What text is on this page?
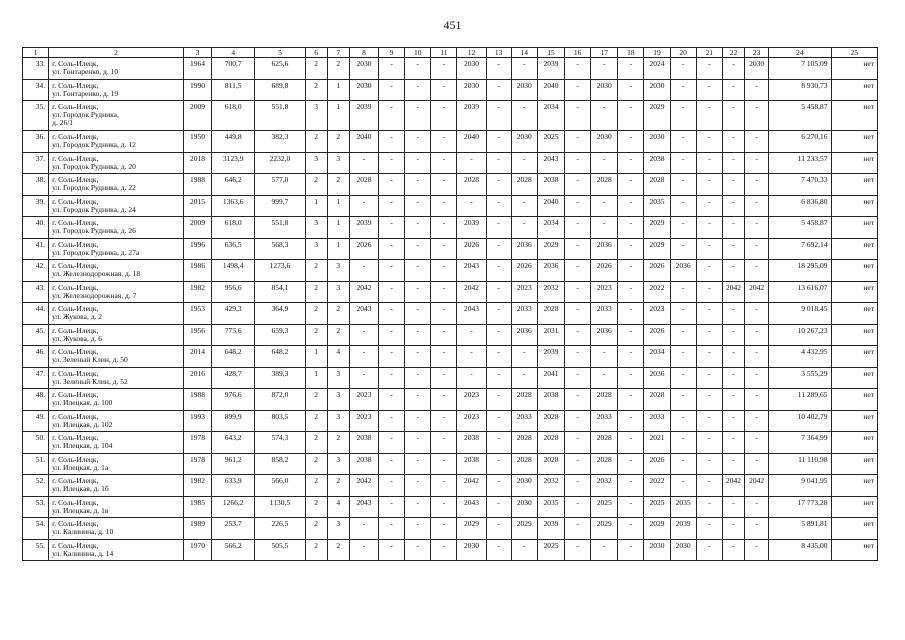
451
1	2	3	4	5	6	7	8	9	10	11	12	13	14	15	16	17	18	19	20	21	22	23	24	25
33.	г. Соль-Илецк,
ул. Гонтаренко, д. 10	1964	700,7	625,6	2	2	2030	-	-	-	2030	-	-	2039	-	-	-	2024	-	-	-	2030	7 105,09	нет
34.	г. Соль-Илецк,
ул. Гонтаренко, д. 19	1990	811,5	689,8	2	1	2030	-	-	-	2030	-	2030	2040	-	2030	-	2030	-	-	-	-	8 930,73	нет
35.	г. Соль-Илецк,
ул. Городок Рудника,
д. 26/1	2009	618,0	551,8	3	1	2039	-	-	-	2039	-	-	2034	-	-	-	2029	-	-	-	-	5 458,87	нет
36.	г. Соль-Илецк,
ул. Городок Рудника, д. 12	1950	449,8	382,3	2	2	2040	-	-	-	2040	-	2030	2025	-	2030	-	2030	-	-	-	-	6 270,16	нет
37.	г. Соль-Илецк,
ул. Городок Рудника, д. 20	2018	3123,9	2232,0	3	3	-	-	-	-	-	-	-	2043	-	-	-	2038	-	-	-	-	11 233,57	нет
38.	г. Соль-Илецк,
ул. Городок Рудника, д. 22	1988	646,2	577,0	2	2	2028	-	-	-	2028	-	2028	2038	-	2028	-	2028	-	-	-	-	7 470,33	нет
39.	г. Соль-Илецк,
ул. Городок Рудника, д. 24	2015	1363,6	999,7	1	1	-	-	-	-	-	-	-	2040	-	-	-	2035	-	-	-	-	6 836,80	нет
40.	г. Соль-Илецк,
ул. Городок Рудника, д. 26	2009	618,0	551,8	3	1	2039	-	-	-	2039	-	-	2034	-	-	-	2029	-	-	-	-	5 458,87	нет
41.	г. Соль-Илецк,
ул. Городок Рудника, д. 27а	1996	636,5	568,3	3	1	2026	-	-	-	2026	-	2036	2029	-	2036	-	2029	-	-	-	-	7 692,14	нет
42.	г. Соль-Илецк,
ул. Железнодорожная, д. 18	1986	1498,4	1273,6	2	3	-	-	-	-	2043	-	2026	2036	-	2026	-	2026	2036	-	-	-	18 295,09	нет
43.	г. Соль-Илецк,
ул. Железнодорожная, д. 7	1982	956,6	854,1	2	3	2042	-	-	-	2042	-	2023	2032	-	2023	-	2022	-	-	2042	2042	13 616,07	нет
44.	г. Соль-Илецк,
ул. Жукова, д. 2	1953	429,3	364,9	2	2	2043	-	-	-	2043	-	2033	2028	-	2033	-	2023	-	-	-	-	9 018,45	нет
45.	г. Соль-Илецк,
ул. Жукова, д. 6	1956	775,6	659,3	2	2	-	-	-	-	-	-	2036	2031	-	2036	-	2026	-	-	-	-	10 267,23	нет
46.	г. Соль-Илецк,
ул. Зеленый Клин, д. 50	2014	648,2	648,2	1	4	-	-	-	-	-	-	-	2039	-	-	-	2034	-	-	-	-	4 432,95	нет
47.	г. Соль-Илецк,
ул. Зеленый Клин, д. 52	2016	428,7	389,3	1	3	-	-	-	-	-	-	-	2041	-	-	-	2036	-	-	-	-	3 555,29	нет
48.	г. Соль-Илецк,
ул. Илецкая, д. 100	1988	976,6	872,0	2	3	2023	-	-	-	2023	-	2028	2038	-	2028	-	2028	-	-	-	-	11 289,65	нет
49.	г. Соль-Илецк,
ул. Илецкая, д. 102	1993	899,9	803,5	2	3	2023	-	-	-	2023	-	2033	2028	-	2033	-	2033	-	-	-	-	10 402,79	нет
50.	г. Соль-Илецк,
ул. Илецкая, д. 104	1978	643,2	574,3	2	2	2038	-	-	-	2038	-	2028	2028	-	2028	-	2021	-	-	-	-	7 364,99	нет
51.	г. Соль-Илецк,
ул. Илецкая, д. 1а	1978	961,2	858,2	2	3	2038	-	-	-	2038	-	2028	2028	-	2028	-	2026	-	-	-	-	11 110,98	нет
52.	г. Соль-Илецк,
ул. Илецкая, д. 1б	1982	633,9	566,0	2	2	2042	-	-	-	2042	-	2030	2032	-	2032	-	2022	-	-	2042	2042	9 041,95	нет
53.	г. Соль-Илецк,
ул. Илецкая, д. 1в	1985	1266,2	1130,5	2	4	2043	-	-	-	2043	-	2030	2035	-	2025	-	2025	2035	-	-	-	17 773,28	нет
54.	г. Соль-Илецк,
ул. Калинина, д. 10	1989	253,7	226,5	2	3	-	-	-	-	2029	-	2029	2039	-	2029	-	2029	2039	-	-	-	5 891,81	нет
55.	г. Соль-Илецк,
ул. Калинина, д. 14	1970	566,2	505,5	2	2	-	-	-	-	2030	-	-	2025	-	-	-	2030	2030	-	-	-	8 435,00	нет
